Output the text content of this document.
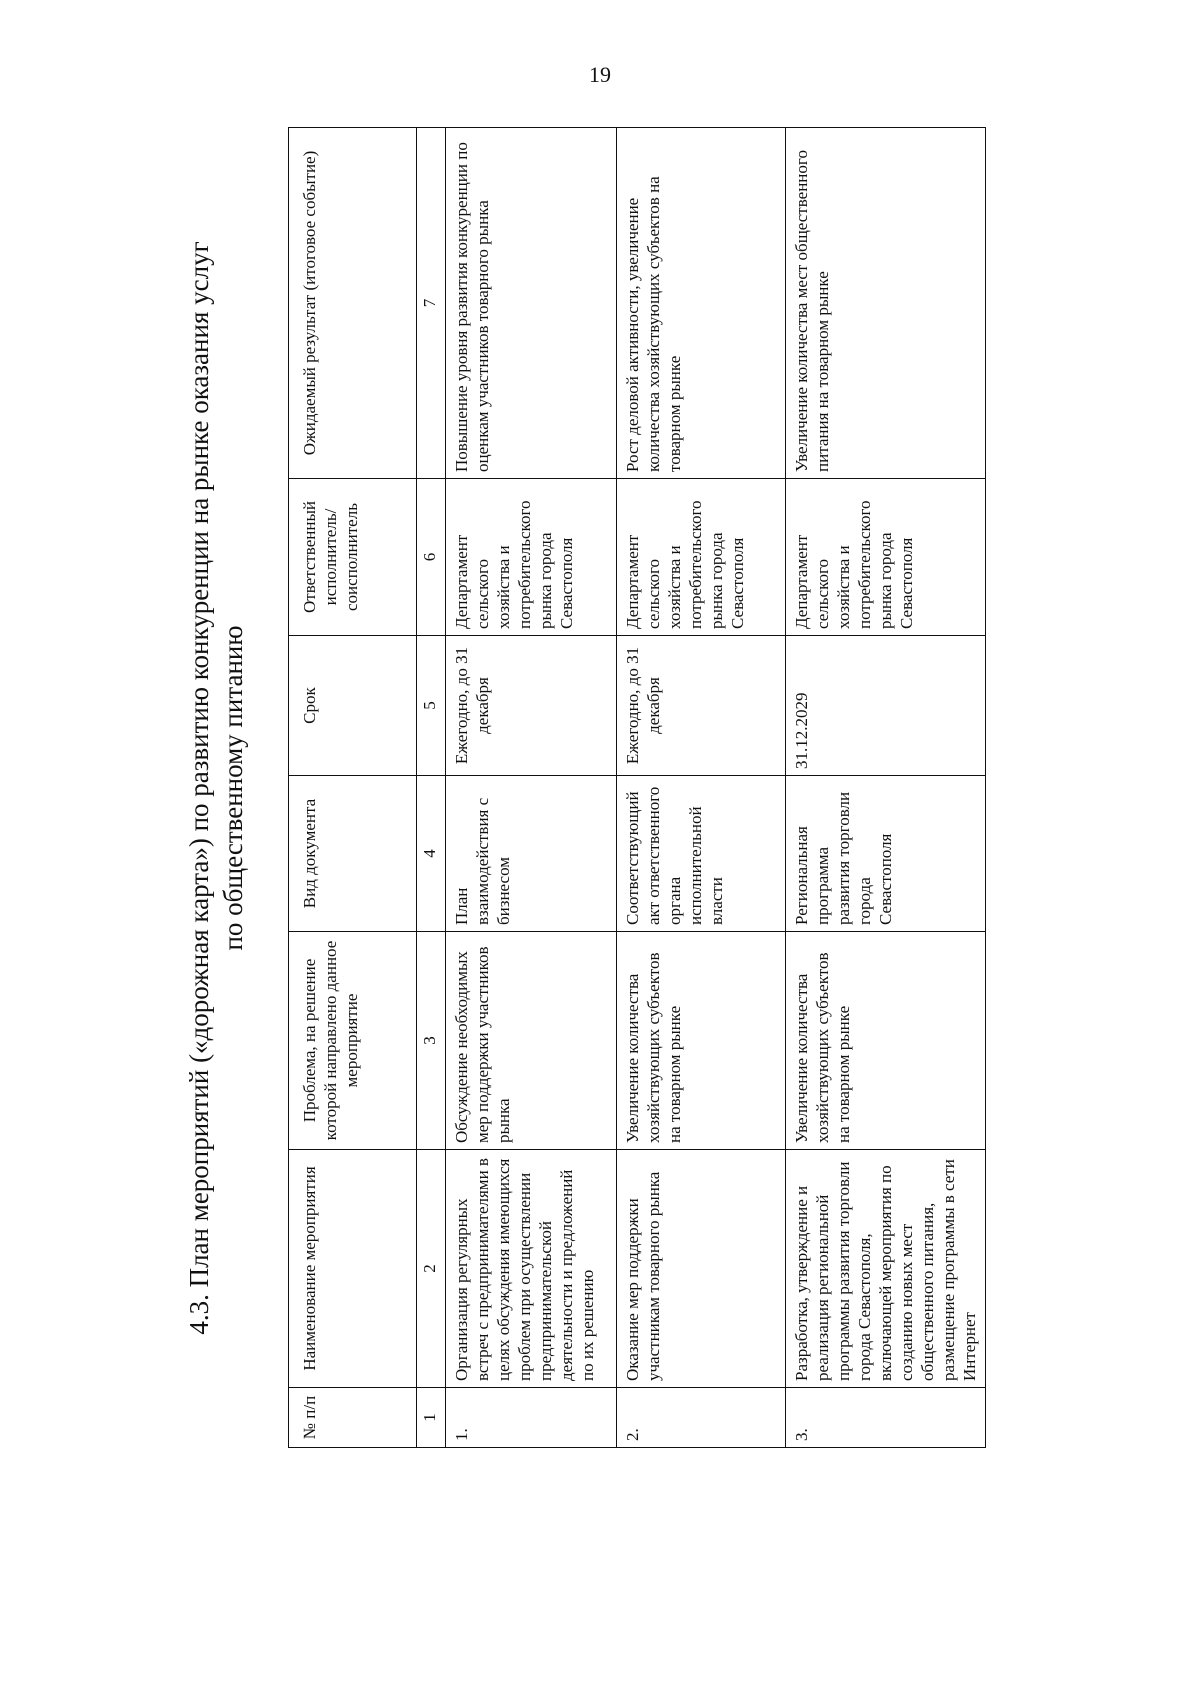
19
4.3. План мероприятий («дорожная карта») по развитию конкуренции на рынке оказания услуг по общественному питанию
№ п/п	Наименование мероприятия	Проблема, на решение которой направлено данное мероприятие	Вид документа	Срок	Ответственный исполнитель/ соисполнитель	Ожидаемый результат (итоговое событие)
1	2	3	4	5	6	7
1.	Организация регулярных встреч с предпринимателями в целях обсуждения имеющихся проблем при осуществлении предпринимательской деятельности и предложений по их решению	Обсуждение необходимых мер поддержки участников рынка	План взаимодействия с бизнесом	Ежегодно, до 31 декабря	Департамент сельского хозяйства и потребительского рынка города Севастополя	Повышение уровня развития конкуренции по оценкам участников товарного рынка
2.	Оказание мер поддержки участникам товарного рынка	Увеличение количества хозяйствующих субъектов на товарном рынке	Соответствующий акт ответственного органа исполнительной власти	Ежегодно, до 31 декабря	Департамент сельского хозяйства и потребительского рынка города Севастополя	Рост деловой активности, увеличение количества хозяйствующих субъектов на товарном рынке
3.	Разработка, утверждение и реализация региональной программы развития торговли города Севастополя, включающей мероприятия по созданию новых мест общественного питания, размещение программы в сети Интернет	Увеличение количества хозяйствующих субъектов на товарном рынке	Региональная программа развития торговли города Севастополя	31.12.2029	Департамент сельского хозяйства и потребительского рынка города Севастополя	Увеличение количества мест общественного питания на товарном рынке
